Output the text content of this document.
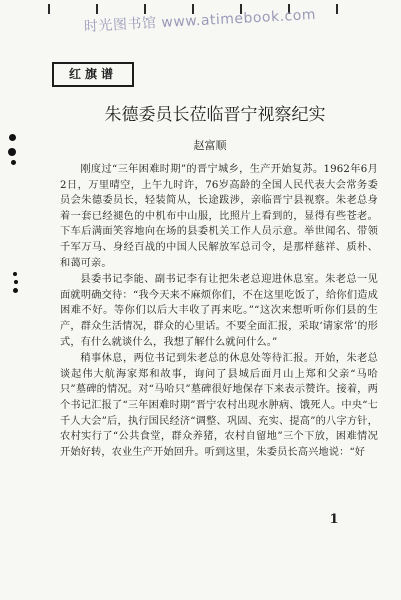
时光图书馆 www.atimebook.com
红旗谱
朱德委员长莅临晋宁视察纪实
赵富顺

刚度过“三年困难时期”的晋宁城乡，生产开始复苏。1962年6月2日，万里晴空，上午九时许，76岁高龄的全国人民代表大会常务委员会朱德委员长，轻装简从，长途跋涉，亲临晋宁县视察。朱老总身着一套已经褪色的中机布中山服，比照片上看到的，显得有些苍老。下车后满面笑容地向在场的县委机关工作人员示意。举世闻名、带领千军万马、身经百战的中国人民解放军总司令，是那样慈祥、质朴、和蔼可亲。

县委书记李能、副书记李有让把朱老总迎进休息室。朱老总一见面就明确交待：“我今天来不麻烦你们，不在这里吃饭了，给你们造成困难不好。等你们以后大丰收了再来吃。”“这次来想听听你们县的生产，群众生活情况，群众的心里话。不要全面汇报，采取‘请家常’的形式，有什么就谈什么，我想了解什么就问什么。”

稍事休息，两位书记到朱老总的休息处等待汇报。开始，朱老总谈起伟大航海家郑和故事，询问了县城后面月山上郑和父亲“马哈只”墓碑的情况。对“马哈只”墓碑很好地保存下来表示赞许。接着，两个书记汇报了“三年困难时期”晋宁农村出现水肿病、饿死人。中央“七千人大会”后，执行国民经济“调整、巩固、充实、提高”的八字方针，农村实行了“公共食堂，群众养猪，农村自留地”三个下放，困难情况开始好转，农业生产开始回升。听到这里，朱委员长高兴地说：“好

1
